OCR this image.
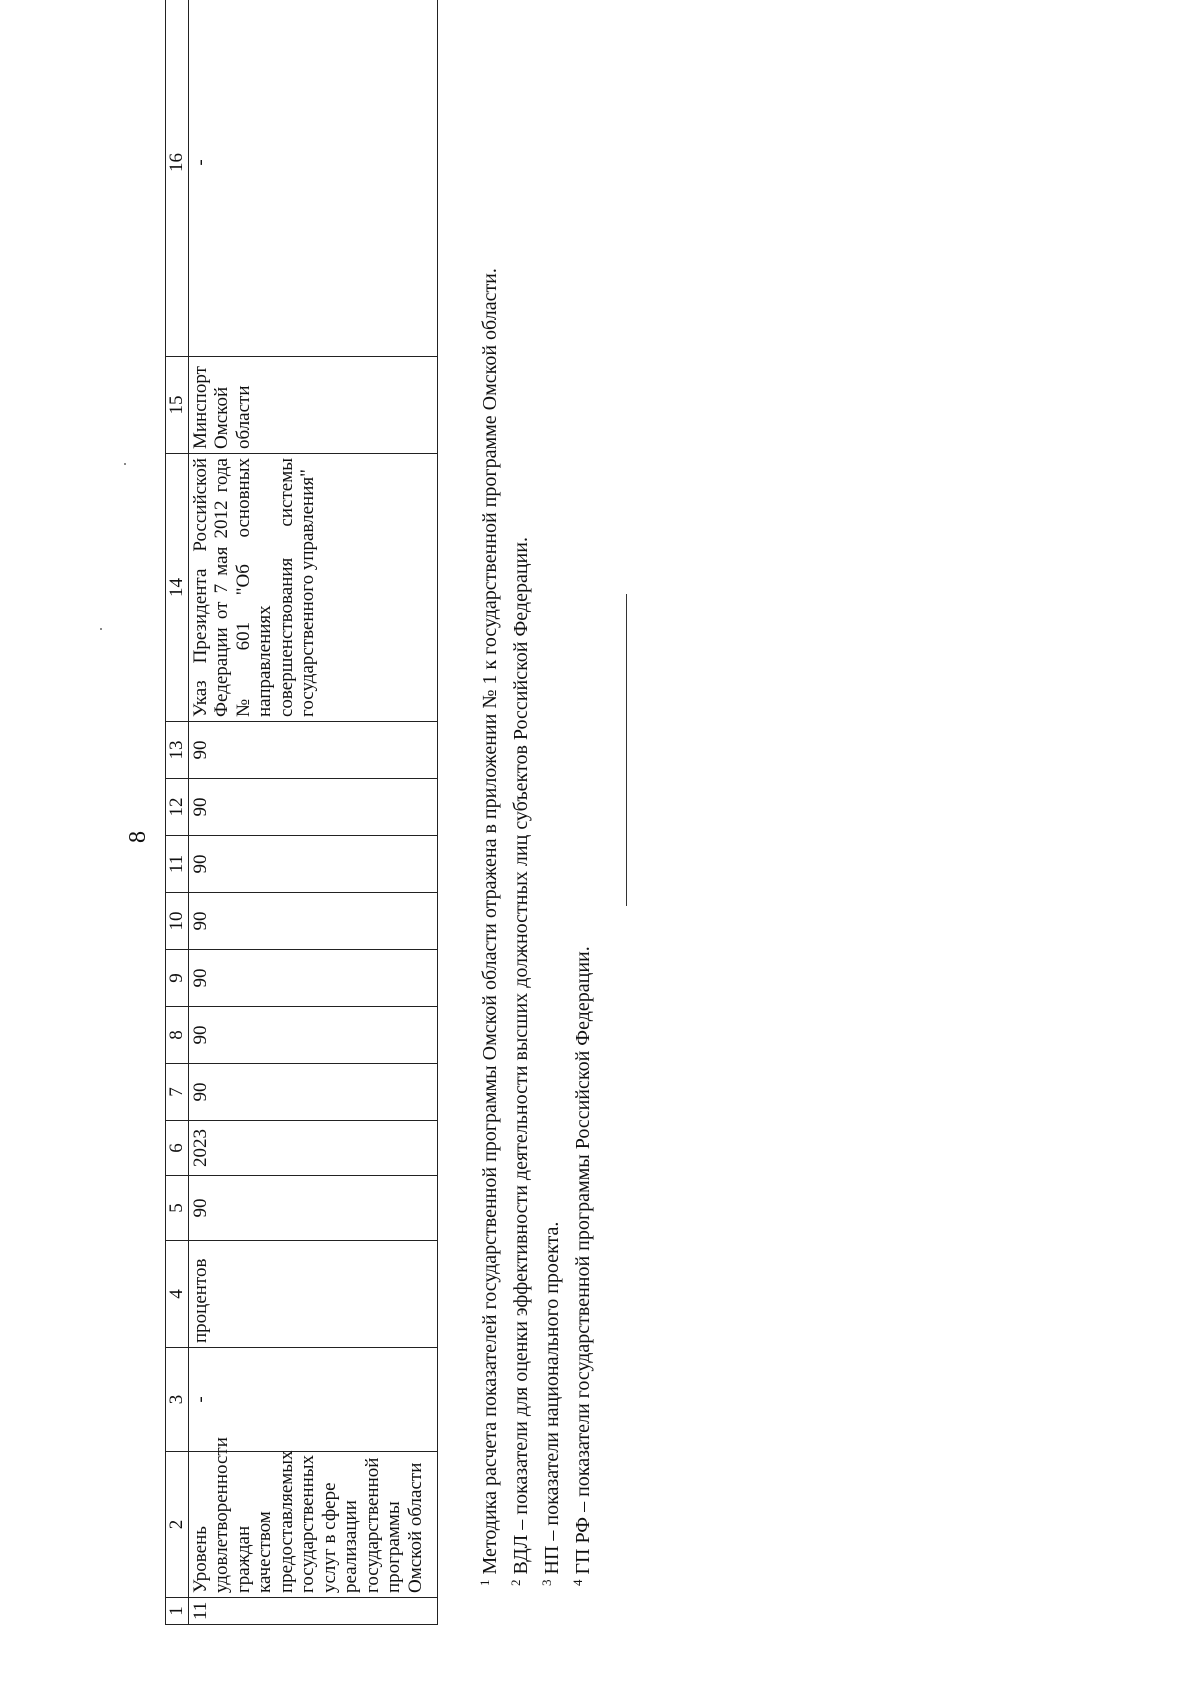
8
1	2	3	4	5	6	7	8	9	10	11	12	13	14	15	16
11	Уровень удовлетворенности граждан качеством предоставляемых государственных услуг в сфере реализации государственной программы Омской области	-	процентов	90	2023	90	90	90	90	90	90	90	Указ Президента Российской Федерации от 7 мая 2012 года № 601 "Об основных направлениях совершенствования системы государственного управления"	Минспорт Омской области	-

$^1$ Методика расчета показателей государственной программы Омской области отражена в приложении № 1 к государственной программе Омской области.

$^2$ ВДЛ – показатели для оценки эффективности деятельности высших должностных лиц субъектов Российской Федерации.

$^3$ НП – показатели национального проекта.

$^4$ ГП РФ – показатели государственной программы Российской Федерации.
